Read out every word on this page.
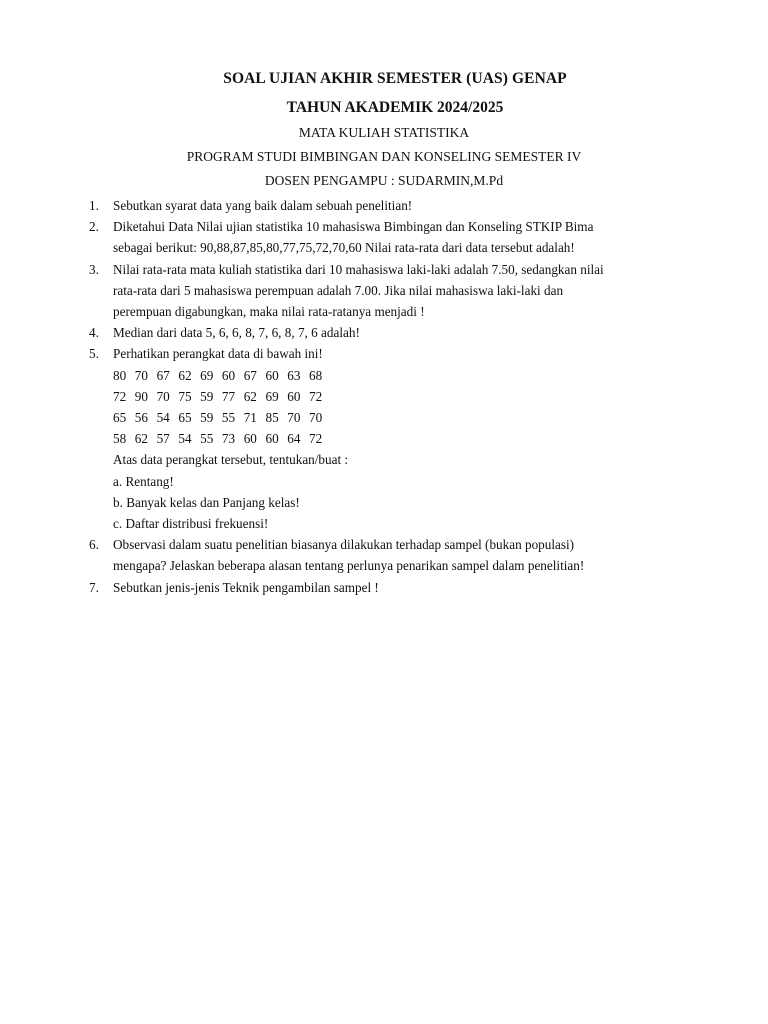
SOAL UJIAN AKHIR SEMESTER (UAS) GENAP
TAHUN AKADEMIK 2024/2025
MATA KULIAH STATISTIKA
PROGRAM STUDI BIMBINGAN DAN KONSELING SEMESTER IV
DOSEN PENGAMPU : SUDARMIN,M.Pd
1. Sebutkan syarat data yang baik dalam sebuah penelitian!
2. Diketahui Data Nilai ujian statistika 10 mahasiswa Bimbingan dan Konseling STKIP Bima
sebagai berikut: 90,88,87,85,80,77,75,72,70,60 Nilai rata-rata dari data tersebut adalah!
3. Nilai rata-rata mata kuliah statistika dari 10 mahasiswa laki-laki adalah 7.50, sedangkan nilai
rata-rata dari 5 mahasiswa perempuan adalah 7.00. Jika nilai mahasiswa laki-laki dan
perempuan digabungkan, maka nilai rata-ratanya menjadi !
4. Median dari data 5, 6, 6, 8, 7, 6, 8, 7, 6 adalah!
5. Perhatikan perangkat data di bawah ini!
80  70  67  62  69  60  67  60  63  68
72  90  70  75  59  77  62  69  60  72
65  56  54  65  59  55  71  85  70  70
58  62  57  54  55  73  60  60  64  72
Atas data perangkat tersebut, tentukan/buat :
a. Rentang!
b. Banyak kelas dan Panjang kelas!
c. Daftar distribusi frekuensi!
6. Observasi dalam suatu penelitian biasanya dilakukan terhadap sampel (bukan populasi)
mengapa? Jelaskan beberapa alasan tentang perlunya penarikan sampel dalam penelitian!
7. Sebutkan jenis-jenis Teknik pengambilan sampel !
